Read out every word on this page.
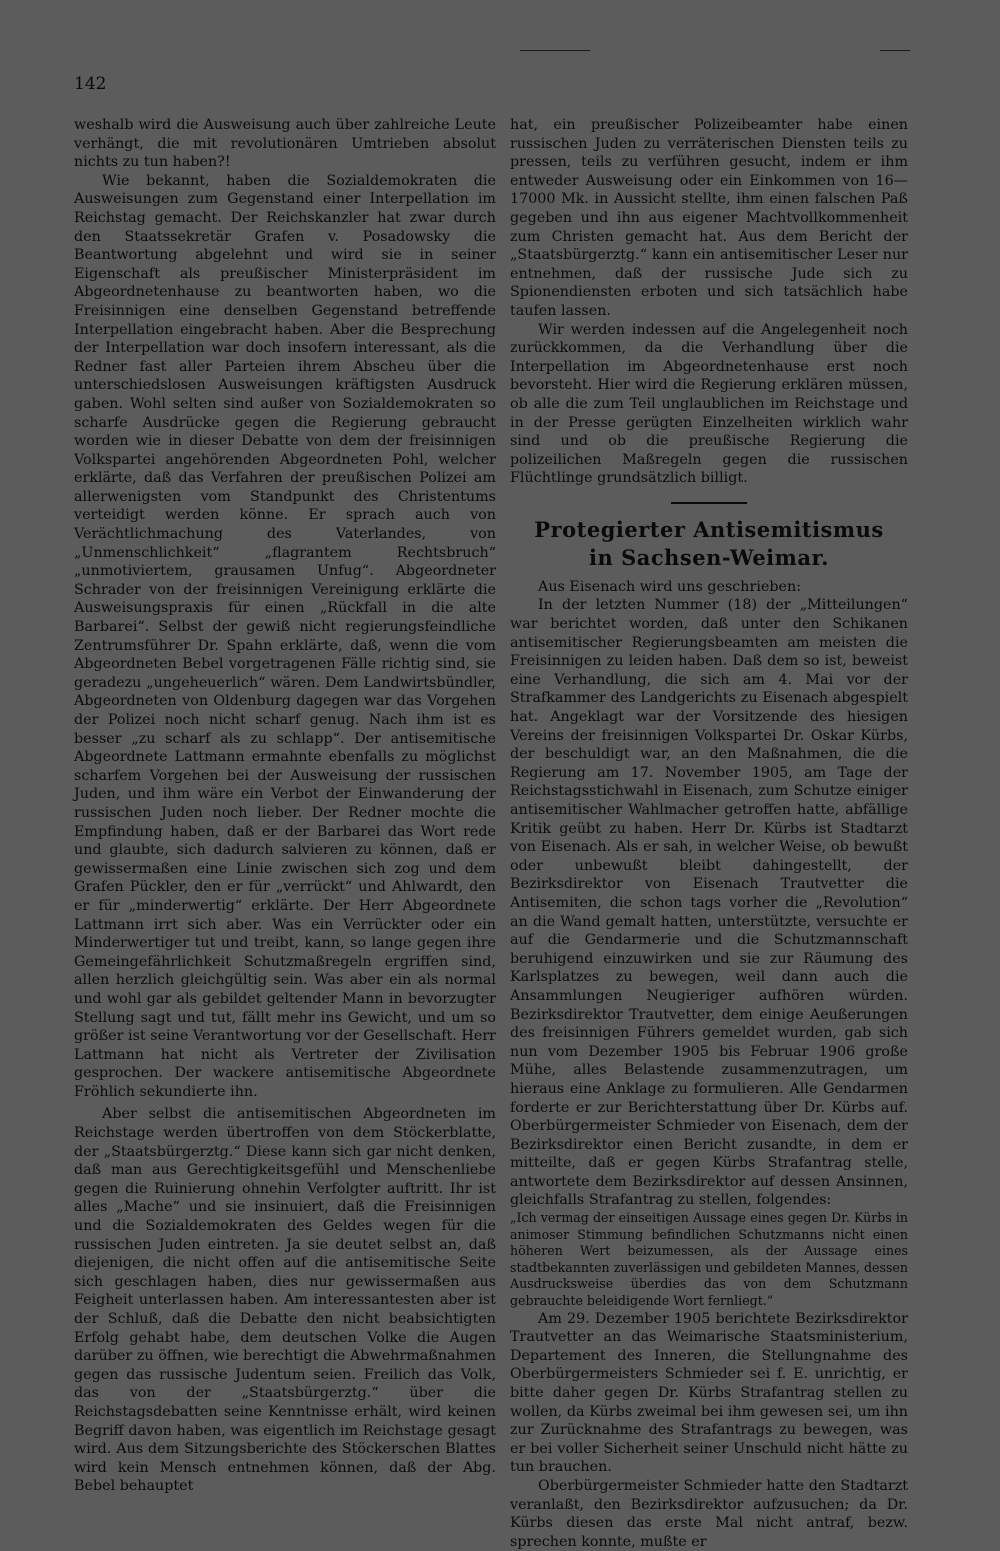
142

weshalb wird die Ausweisung auch über zahlreiche Leute verhängt, die mit revolutionären Umtrieben absolut nichts zu tun haben?!

Wie bekannt, haben die Sozialdemokraten die Ausweisungen zum Gegenstand einer Interpellation im Reichstag gemacht. Der Reichskanzler hat zwar durch den Staatssekretär Grafen v. Posadowsky die Beantwortung abgelehnt und wird sie in seiner Eigenschaft als preußischer Ministerpräsident im Abgeordnetenhause zu beantworten haben, wo die Freisinnigen eine denselben Gegenstand betreffende Interpellation eingebracht haben. Aber die Besprechung der Interpellation war doch insofern interessant, als die Redner fast aller Parteien ihrem Abscheu über die unterschiedslosen Ausweisungen kräftigsten Ausdruck gaben. Wohl selten sind außer von Sozialdemokraten so scharfe Ausdrücke gegen die Regierung gebraucht worden wie in dieser Debatte von dem der freisinnigen Volkspartei angehörenden Abgeordneten Pohl, welcher erklärte, daß das Verfahren der preußischen Polizei am allerwenigsten vom Standpunkt des Christentums verteidigt werden könne. Er sprach auch von Verächtlichmachung des Vaterlandes, von „Unmenschlichkeit“ „flagrantem Rechtsbruch“ „unmotiviertem, grausamen Unfug“. Abgeordneter Schrader von der freisinnigen Vereinigung erklärte die Ausweisungspraxis für einen „Rückfall in die alte Barbarei“. Selbst der gewiß nicht regierungsfeindliche Zentrumsführer Dr. Spahn erklärte, daß, wenn die vom Abgeordneten Bebel vorgetragenen Fälle richtig sind, sie geradezu „ungeheuerlich“ wären. Dem Landwirtsbündler, Abgeordneten von Oldenburg dagegen war das Vorgehen der Polizei noch nicht scharf genug. Nach ihm ist es besser „zu scharf als zu schlapp“. Der antisemitische Abgeordnete Lattmann ermahnte ebenfalls zu möglichst scharfem Vorgehen bei der Ausweisung der russischen Juden, und ihm wäre ein Verbot der Einwanderung der russischen Juden noch lieber. Der Redner mochte die Empfindung haben, daß er der Barbarei das Wort rede und glaubte, sich dadurch salvieren zu können, daß er gewissermaßen eine Linie zwischen sich zog und dem Grafen Pückler, den er für „verrückt“ und Ahlwardt, den er für „minderwertig“ erklärte. Der Herr Abgeordnete Lattmann irrt sich aber. Was ein Verrückter oder ein Minderwertiger tut und treibt, kann, so lange gegen ihre Gemeingefährlichkeit Schutzmaßregeln ergriffen sind, allen herzlich gleichgültig sein. Was aber ein als normal und wohl gar als gebildet geltender Mann in bevorzugter Stellung sagt und tut, fällt mehr ins Gewicht, und um so größer ist seine Verantwortung vor der Gesellschaft. Herr Lattmann hat nicht als Vertreter der Zivilisation gesprochen. Der wackere antisemitische Abgeordnete Fröhlich sekundierte ihn.

Aber selbst die antisemitischen Abgeordneten im Reichstage werden übertroffen von dem Stöckerblatte, der „Staatsbürgerztg.“ Diese kann sich gar nicht denken, daß man aus Gerechtigkeitsgefühl und Menschenliebe gegen die Ruinierung ohnehin Verfolgter auftritt. Ihr ist alles „Mache“ und sie insinuiert, daß die Freisinnigen und die Sozialdemokraten des Geldes wegen für die russischen Juden eintreten. Ja sie deutet selbst an, daß diejenigen, die nicht offen auf die antisemitische Seite sich geschlagen haben, dies nur gewissermaßen aus Feigheit unterlassen haben. Am interessantesten aber ist der Schluß, daß die Debatte den nicht beabsichtigten Erfolg gehabt habe, dem deutschen Volke die Augen darüber zu öffnen, wie berechtigt die Abwehrmaßnahmen gegen das russische Judentum seien. Freilich das Volk, das von der „Staatsbürgerztg.“ über die Reichstagsdebatten seine Kenntnisse erhält, wird keinen Begriff davon haben, was eigentlich im Reichstage gesagt wird. Aus dem Sitzungsberichte des Stöckerschen Blattes wird kein Mensch entnehmen können, daß der Abg. Bebel behauptet

hat, ein preußischer Polizeibeamter habe einen russischen Juden zu verräterischen Diensten teils zu pressen, teils zu verführen gesucht, indem er ihm entweder Ausweisung oder ein Einkommen von 16—17000 Mk. in Aussicht stellte, ihm einen falschen Paß gegeben und ihn aus eigener Machtvollkommenheit zum Christen gemacht hat. Aus dem Bericht der „Staatsbürgerztg.“ kann ein antisemitischer Leser nur entnehmen, daß der russische Jude sich zu Spionendiensten erboten und sich tatsächlich habe taufen lassen.

Wir werden indessen auf die Angelegenheit noch zurückkommen, da die Verhandlung über die Interpellation im Abgeordnetenhause erst noch bevorsteht. Hier wird die Regierung erklären müssen, ob alle die zum Teil unglaublichen im Reichstage und in der Presse gerügten Einzelheiten wirklich wahr sind und ob die preußische Regierung die polizeilichen Maßregeln gegen die russischen Flüchtlinge grundsätzlich billigt.

Protegierter Antisemitismus
in Sachsen-Weimar.

Aus Eisenach wird uns geschrieben:

In der letzten Nummer (18) der „Mitteilungen“ war berichtet worden, daß unter den Schikanen antisemitischer Regierungsbeamten am meisten die Freisinnigen zu leiden haben. Daß dem so ist, beweist eine Verhandlung, die sich am 4. Mai vor der Strafkammer des Landgerichts zu Eisenach abgespielt hat. Angeklagt war der Vorsitzende des hiesigen Vereins der freisinnigen Volkspartei Dr. Oskar Kürbs, der beschuldigt war, an den Maßnahmen, die die Regierung am 17. November 1905, am Tage der Reichstagsstichwahl in Eisenach, zum Schutze einiger antisemitischer Wahlmacher getroffen hatte, abfällige Kritik geübt zu haben. Herr Dr. Kürbs ist Stadtarzt von Eisenach. Als er sah, in welcher Weise, ob bewußt oder unbewußt bleibt dahingestellt, der Bezirksdirektor von Eisenach Trautvetter die Antisemiten, die schon tags vorher die „Revolution“ an die Wand gemalt hatten, unterstützte, versuchte er auf die Gendarmerie und die Schutzmannschaft beruhigend einzuwirken und sie zur Räumung des Karlsplatzes zu bewegen, weil dann auch die Ansammlungen Neugieriger aufhören würden. Bezirksdirektor Trautvetter, dem einige Aeußerungen des freisinnigen Führers gemeldet wurden, gab sich nun vom Dezember 1905 bis Februar 1906 große Mühe, alles Belastende zusammenzutragen, um hieraus eine Anklage zu formulieren. Alle Gendarmen forderte er zur Berichterstattung über Dr. Kürbs auf. Oberbürgermeister Schmieder von Eisenach, dem der Bezirksdirektor einen Bericht zusandte, in dem er mitteilte, daß er gegen Kürbs Strafantrag stelle, antwortete dem Bezirksdirektor auf dessen Ansinnen, gleichfalls Strafantrag zu stellen, folgendes:

„Ich vermag der einseitigen Aussage eines gegen Dr. Kürbs in animoser Stimmung befindlichen Schutzmanns nicht einen höheren Wert beizumessen, als der Aussage eines stadtbekannten zuverlässigen und gebildeten Mannes, dessen Ausdrucksweise überdies das von dem Schutzmann gebrauchte beleidigende Wort fernliegt.“

Am 29. Dezember 1905 berichtete Bezirksdirektor Trautvetter an das Weimarische Staatsministerium, Departement des Inneren, die Stellungnahme des Oberbürgermeisters Schmieder sei f. E. unrichtig, er bitte daher gegen Dr. Kürbs Strafantrag stellen zu wollen, da Kürbs zweimal bei ihm gewesen sei, um ihn zur Zurücknahme des Strafantrags zu bewegen, was er bei voller Sicherheit seiner Unschuld nicht hätte zu tun brauchen.

Oberbürgermeister Schmieder hatte den Stadtarzt veranlaßt, den Bezirksdirektor aufzusuchen; da Dr. Kürbs diesen das erste Mal nicht antraf, bezw. sprechen konnte, mußte er
